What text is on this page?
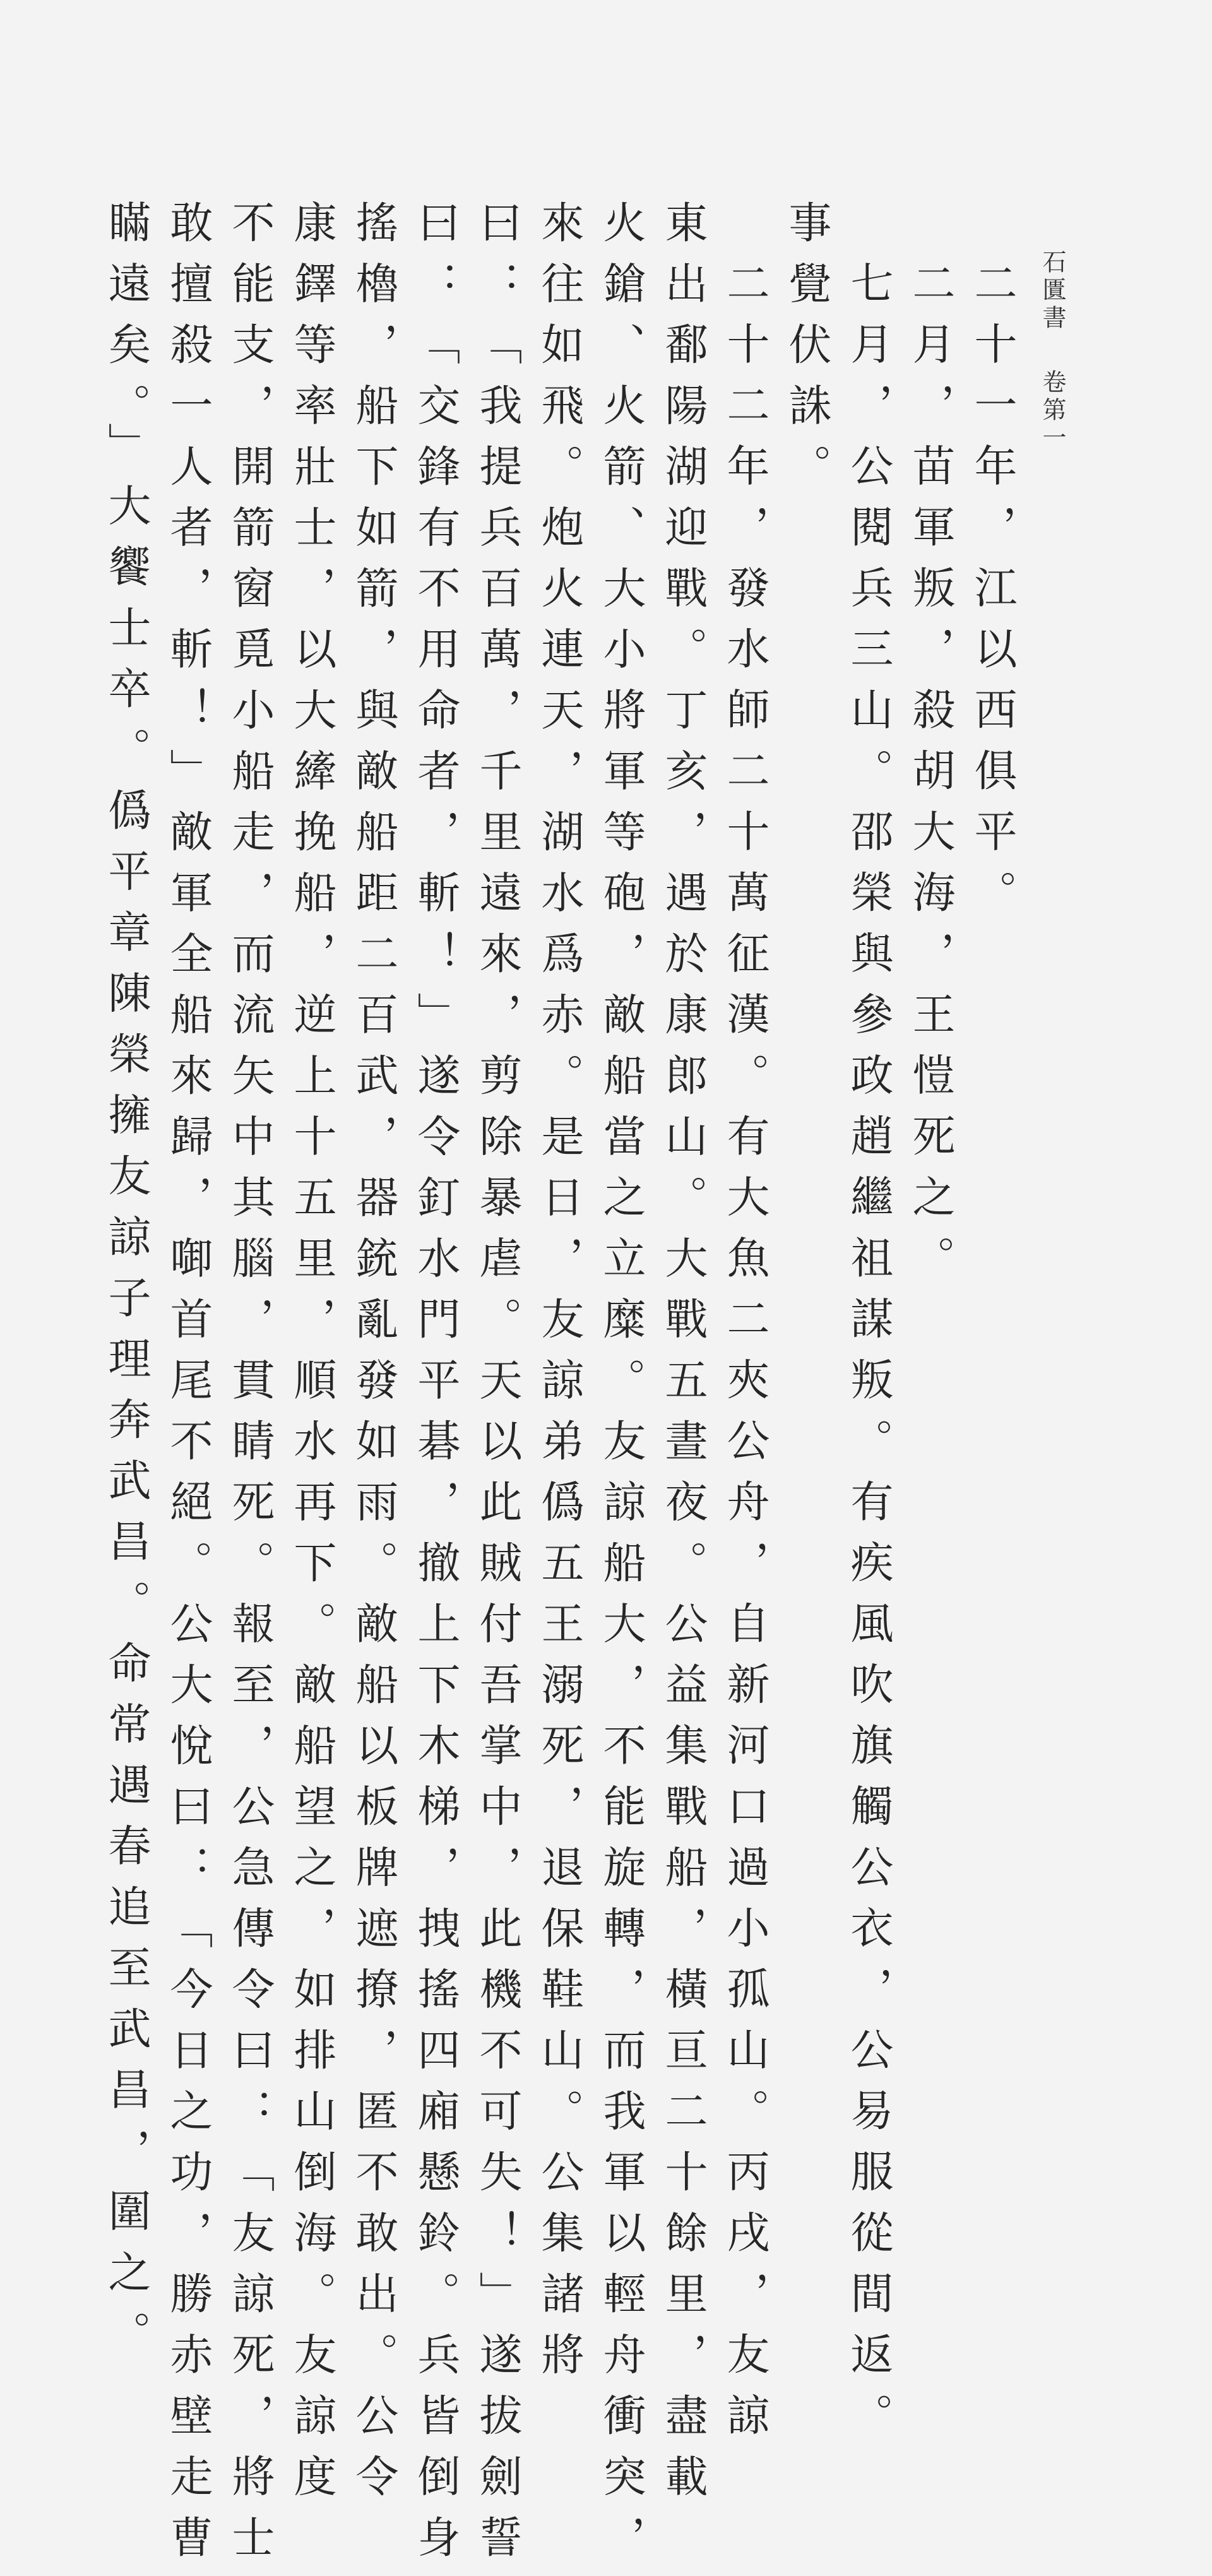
石匱書卷第一
二十一年，江以西俱平。
二月，苗軍叛，殺胡大海，王愷死之。
七月，公閱兵三山。邵榮與參政趙繼祖謀叛。有疾風吹旗觸公衣，公易服從間返。
事覺伏誅。
二十二年，發水師二十萬征漢。有大魚二夾公舟，自新河口過小孤山。丙戌，友諒
東出鄱陽湖迎戰。丁亥，遇於康郎山。大戰五晝夜。公益集戰船，橫亘二十餘里，盡載
火鎗、火箭、大小將軍等砲，敵船當之立糜。友諒船大，不能旋轉，而我軍以輕舟衝突，
來往如飛。炮火連天，湖水爲赤。是日，友諒弟僞五王溺死，退保鞋山。公集諸將
曰：「我提兵百萬，千里遠來，剪除暴虐。天以此賊付吾掌中，此機不可失！」遂拔劍誓
曰：「交鋒有不用命者，斬！」遂令釘水門平碁，撤上下木梯，拽搖四廂懸鈴。兵皆倒身
搖櫓，船下如箭，與敵船距二百武，器銃亂發如雨。敵船以板牌遮撩，匿不敢出。公令
康鐸等率壯士，以大縴挽船，逆上十五里，順水再下。敵船望之，如排山倒海。友諒度
不能支，開箭窗覓小船走，而流矢中其腦，貫睛死。報至，公急傳令曰：「友諒死，將士
敢擅殺一人者，斬！」敵軍全船來歸，啣首尾不絕。公大悅曰：「今日之功，勝赤壁走曹
瞞遠矣。」大饗士卒。僞平章陳榮擁友諒子理奔武昌。命常遇春追至武昌，圍之。
